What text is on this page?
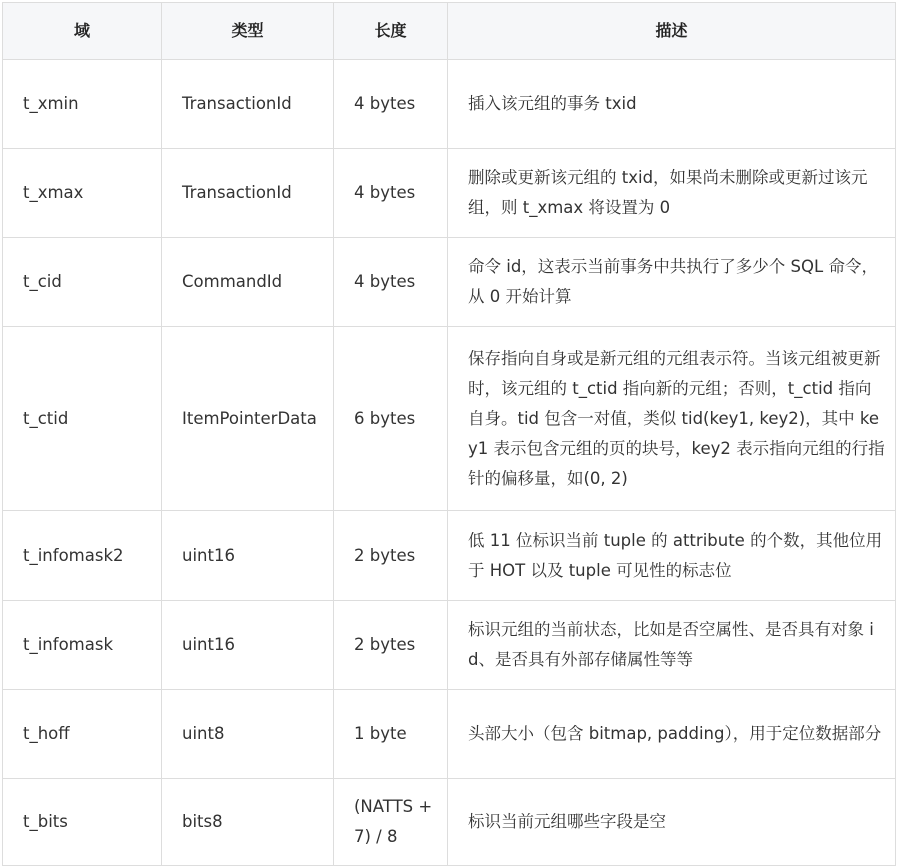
域	类型	长度	描述
t_xmin	TransactionId	4 bytes	插入该元组的事务 txid
t_xmax	TransactionId	4 bytes	删除或更新该元组的 txid，如果尚未删除或更新过该元组，则 t_xmax 将设置为 0
t_cid	CommandId	4 bytes	命令 id，这表示当前事务中共执行了多少个 SQL 命令，从 0 开始计算
t_ctid	ItemPointerData	6 bytes	保存指向自身或是新元组的元组表示符。当该元组被更新时，该元组的 t_ctid 指向新的元组；否则，t_ctid 指向自身。tid 包含一对值，类似 tid(key1, key2)，其中 key1 表示包含元组的页的块号，key2 表示指向元组的行指针的偏移量，如(0, 2)
t_infomask2	uint16	2 bytes	低 11 位标识当前 tuple 的 attribute 的个数，其他位用于 HOT 以及 tuple 可见性的标志位
t_infomask	uint16	2 bytes	标识元组的当前状态，比如是否空属性、是否具有对象 id、是否具有外部存储属性等等
t_hoff	uint8	1 byte	头部大小（包含 bitmap, padding），用于定位数据部分
t_bits	bits8	(NATTS + 7) / 8	标识当前元组哪些字段是空
